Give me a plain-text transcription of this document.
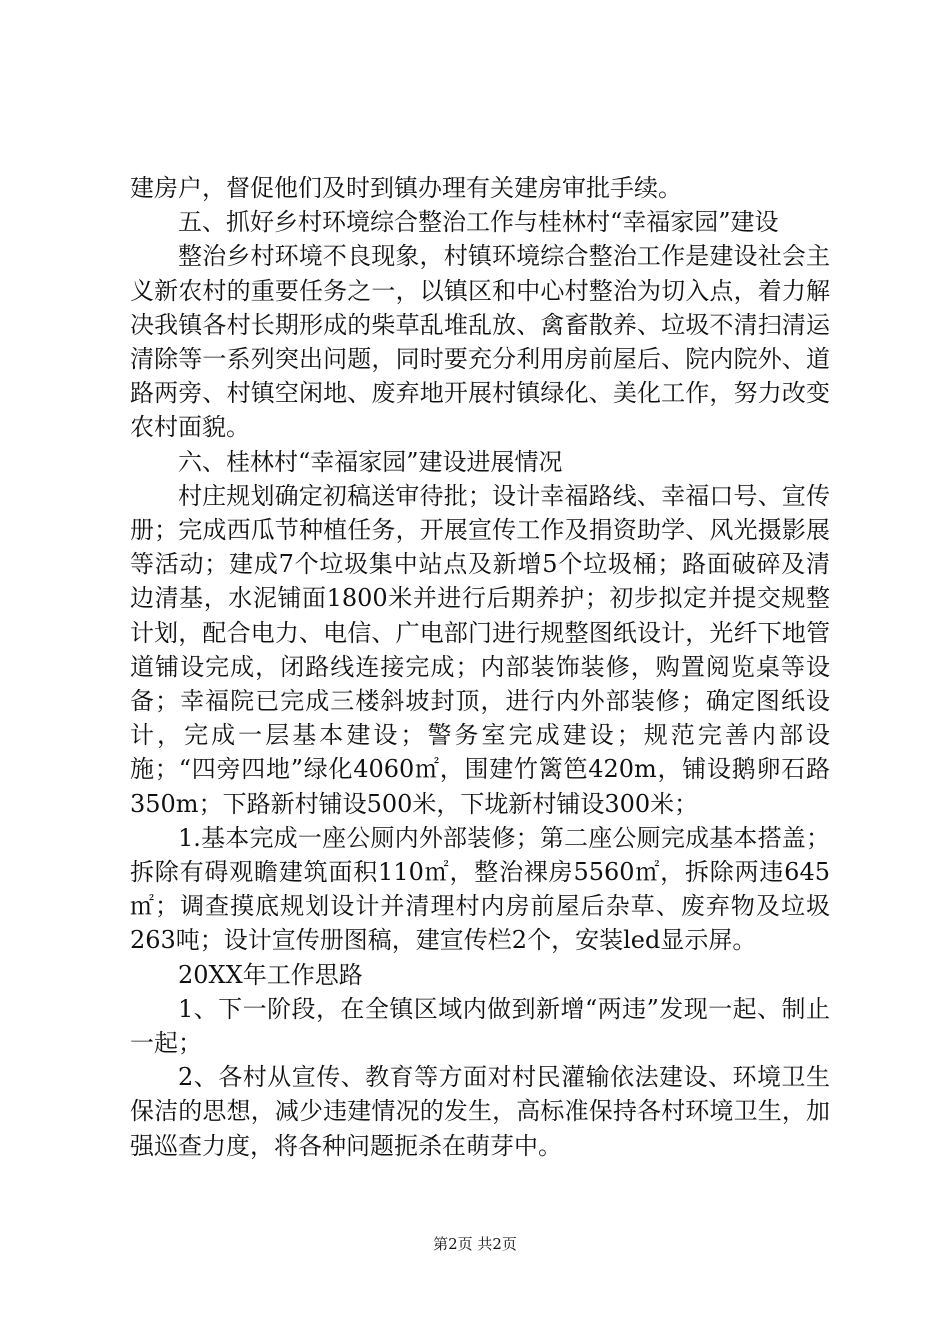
建房户，督促他们及时到镇办理有关建房审批手续。

五、抓好乡村环境综合整治工作与桂林村“幸福家园”建设

整治乡村环境不良现象，村镇环境综合整治工作是建设社会主义新农村的重要任务之一，以镇区和中心村整治为切入点，着力解决我镇各村长期形成的柴草乱堆乱放、禽畜散养、垃圾不清扫清运清除等一系列突出问题，同时要充分利用房前屋后、院内院外、道路两旁、村镇空闲地、废弃地开展村镇绿化、美化工作，努力改变农村面貌。

六、桂林村“幸福家园”建设进展情况

村庄规划确定初稿送审待批；设计幸福路线、幸福口号、宣传册；完成西瓜节种植任务，开展宣传工作及捐资助学、风光摄影展等活动；建成7个垃圾集中站点及新增5个垃圾桶；路面破碎及清边清基，水泥铺面1800米并进行后期养护；初步拟定并提交规整计划，配合电力、电信、广电部门进行规整图纸设计，光纤下地管道铺设完成，闭路线连接完成；内部装饰装修，购置阅览桌等设备；幸福院已完成三楼斜坡封顶，进行内外部装修；确定图纸设计，完成一层基本建设；警务室完成建设；规范完善内部设施；“四旁四地”绿化4060㎡，围建竹篱笆420m，铺设鹅卵石路350m；下路新村铺设500米，下垅新村铺设300米；

1.基本完成一座公厕内外部装修；第二座公厕完成基本搭盖；拆除有碍观瞻建筑面积110㎡，整治裸房5560㎡，拆除两违645㎡；调查摸底规划设计并清理村内房前屋后杂草、废弃物及垃圾263吨；设计宣传册图稿，建宣传栏2个，安装led显示屏。

20XX年工作思路

1、下一阶段，在全镇区域内做到新增“两违”发现一起、制止一起；

2、各村从宣传、教育等方面对村民灌输依法建设、环境卫生保洁的思想，减少违建情况的发生，高标准保持各村环境卫生，加强巡查力度，将各种问题扼杀在萌芽中。

第2页 共2页
